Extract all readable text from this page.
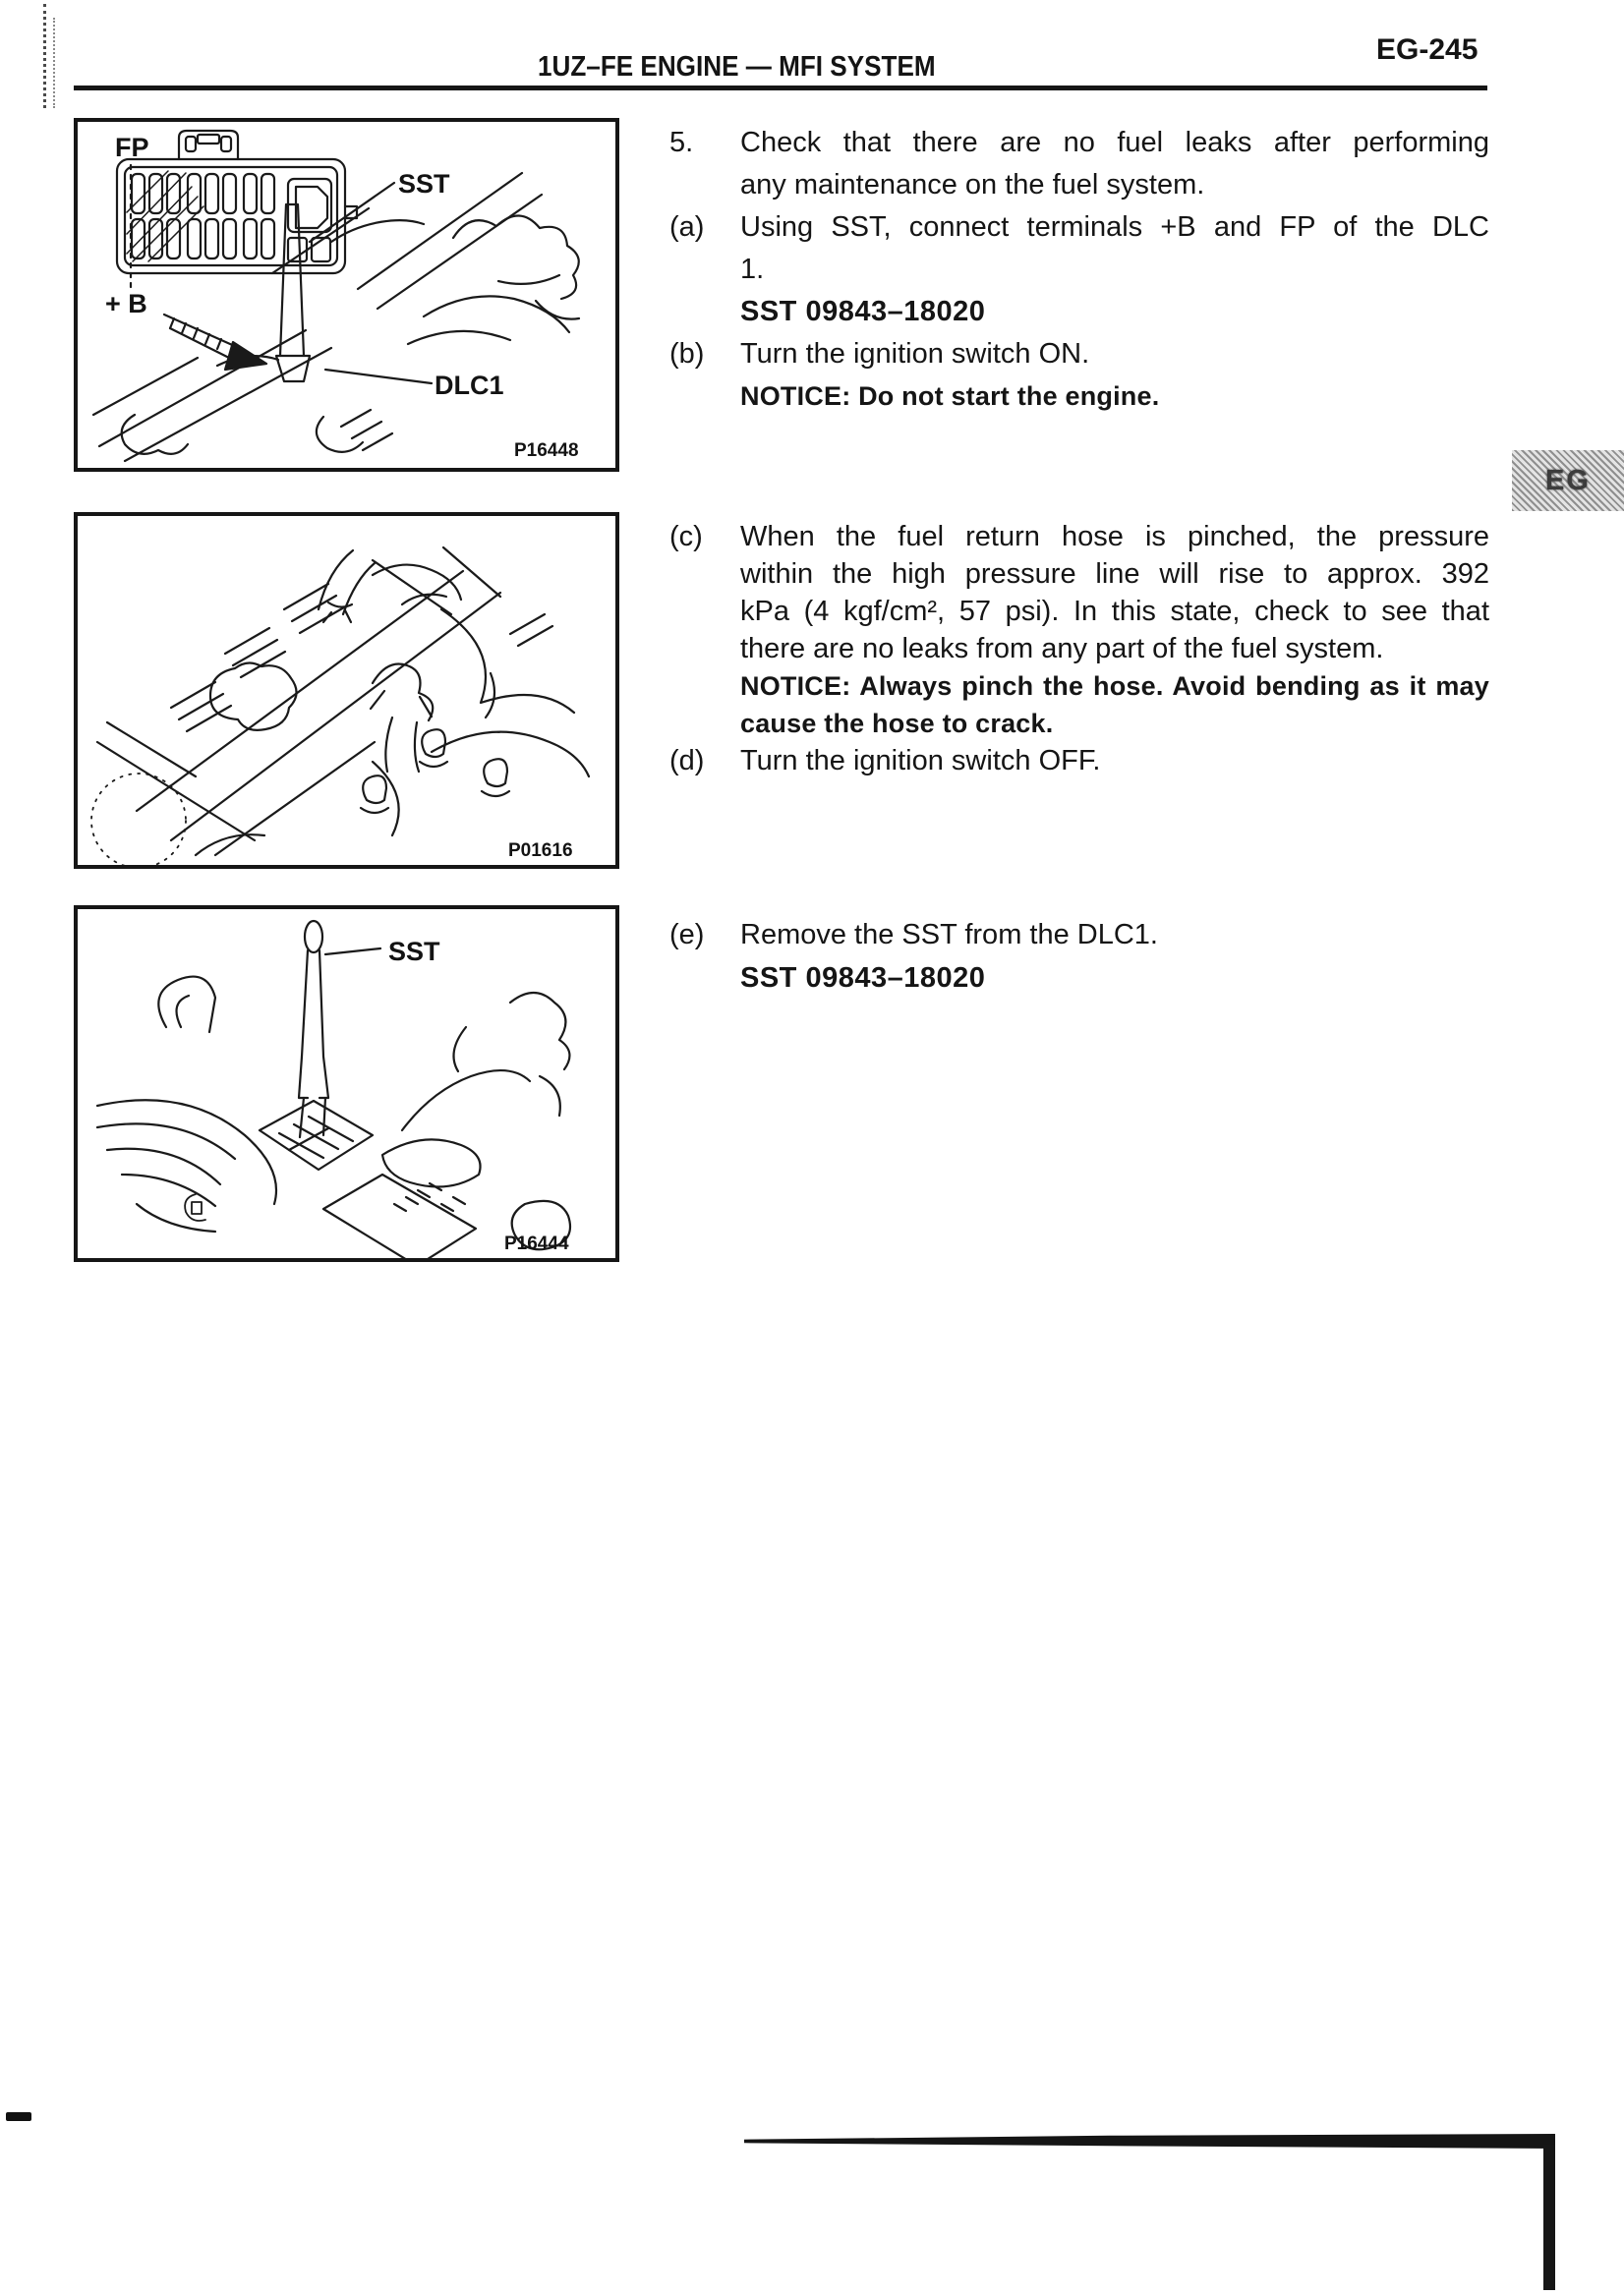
1UZ–FE ENGINE — MFI SYSTEM
EG-245
EG
FP
SST
+ B
DLC1
P16448
P01616
SST
P16444
5.	Check that there are no fuel leaks after performing
any maintenance on the fuel system.
(a)	Using SST, connect terminals +B and FP of the DLC
1.
SST 09843–18020
(b)	Turn the ignition switch ON.
NOTICE: Do not start the engine.
(c)	When the fuel return hose is pinched, the pressure
within the high pressure line will rise to approx. 392
kPa (4 kgf/cm², 57 psi). In this state, check to see that
there are no leaks from any part of the fuel system.
NOTICE: Always pinch the hose. Avoid bending as it may
cause the hose to crack.
(d)	Turn the ignition switch OFF.
(e)	Remove the SST from the DLC1.
SST 09843–18020
